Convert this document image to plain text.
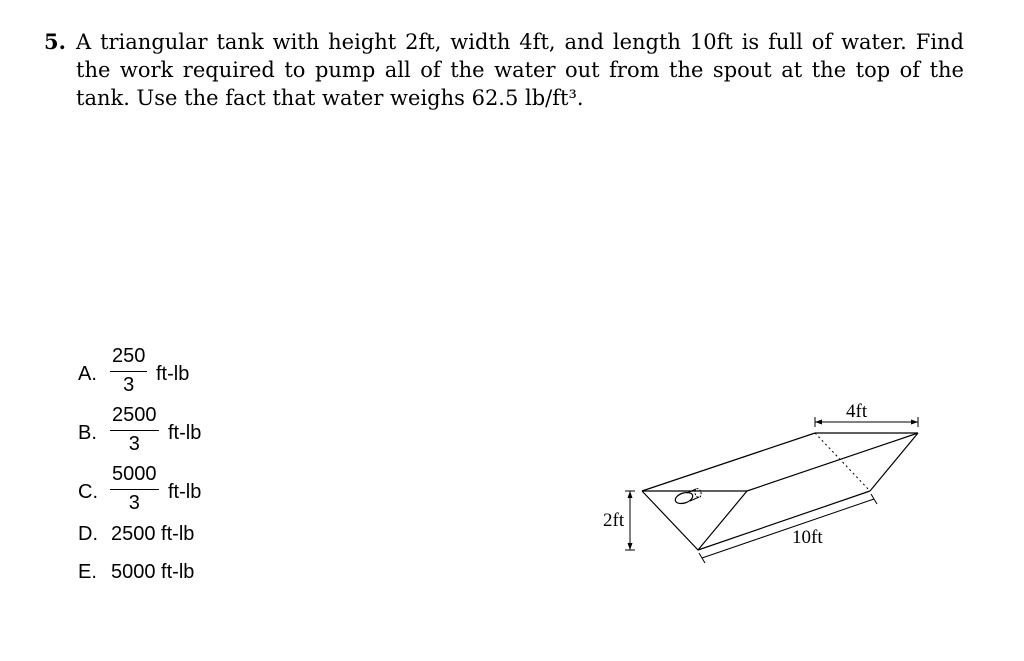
5. A triangular tank with height 2ft, width 4ft, and length 10ft is full of water. Find the work required to pump all of the water out from the spout at the top of the tank. Use the fact that water weighs 62.5 lb/ft³.
A.
250
3	ft-lb
B.
2500
3	ft-lb
C.
5000
3	ft-lb
D. 2500 ft-lb
E. 5000 ft-lb
4ft
2ft
10ft
